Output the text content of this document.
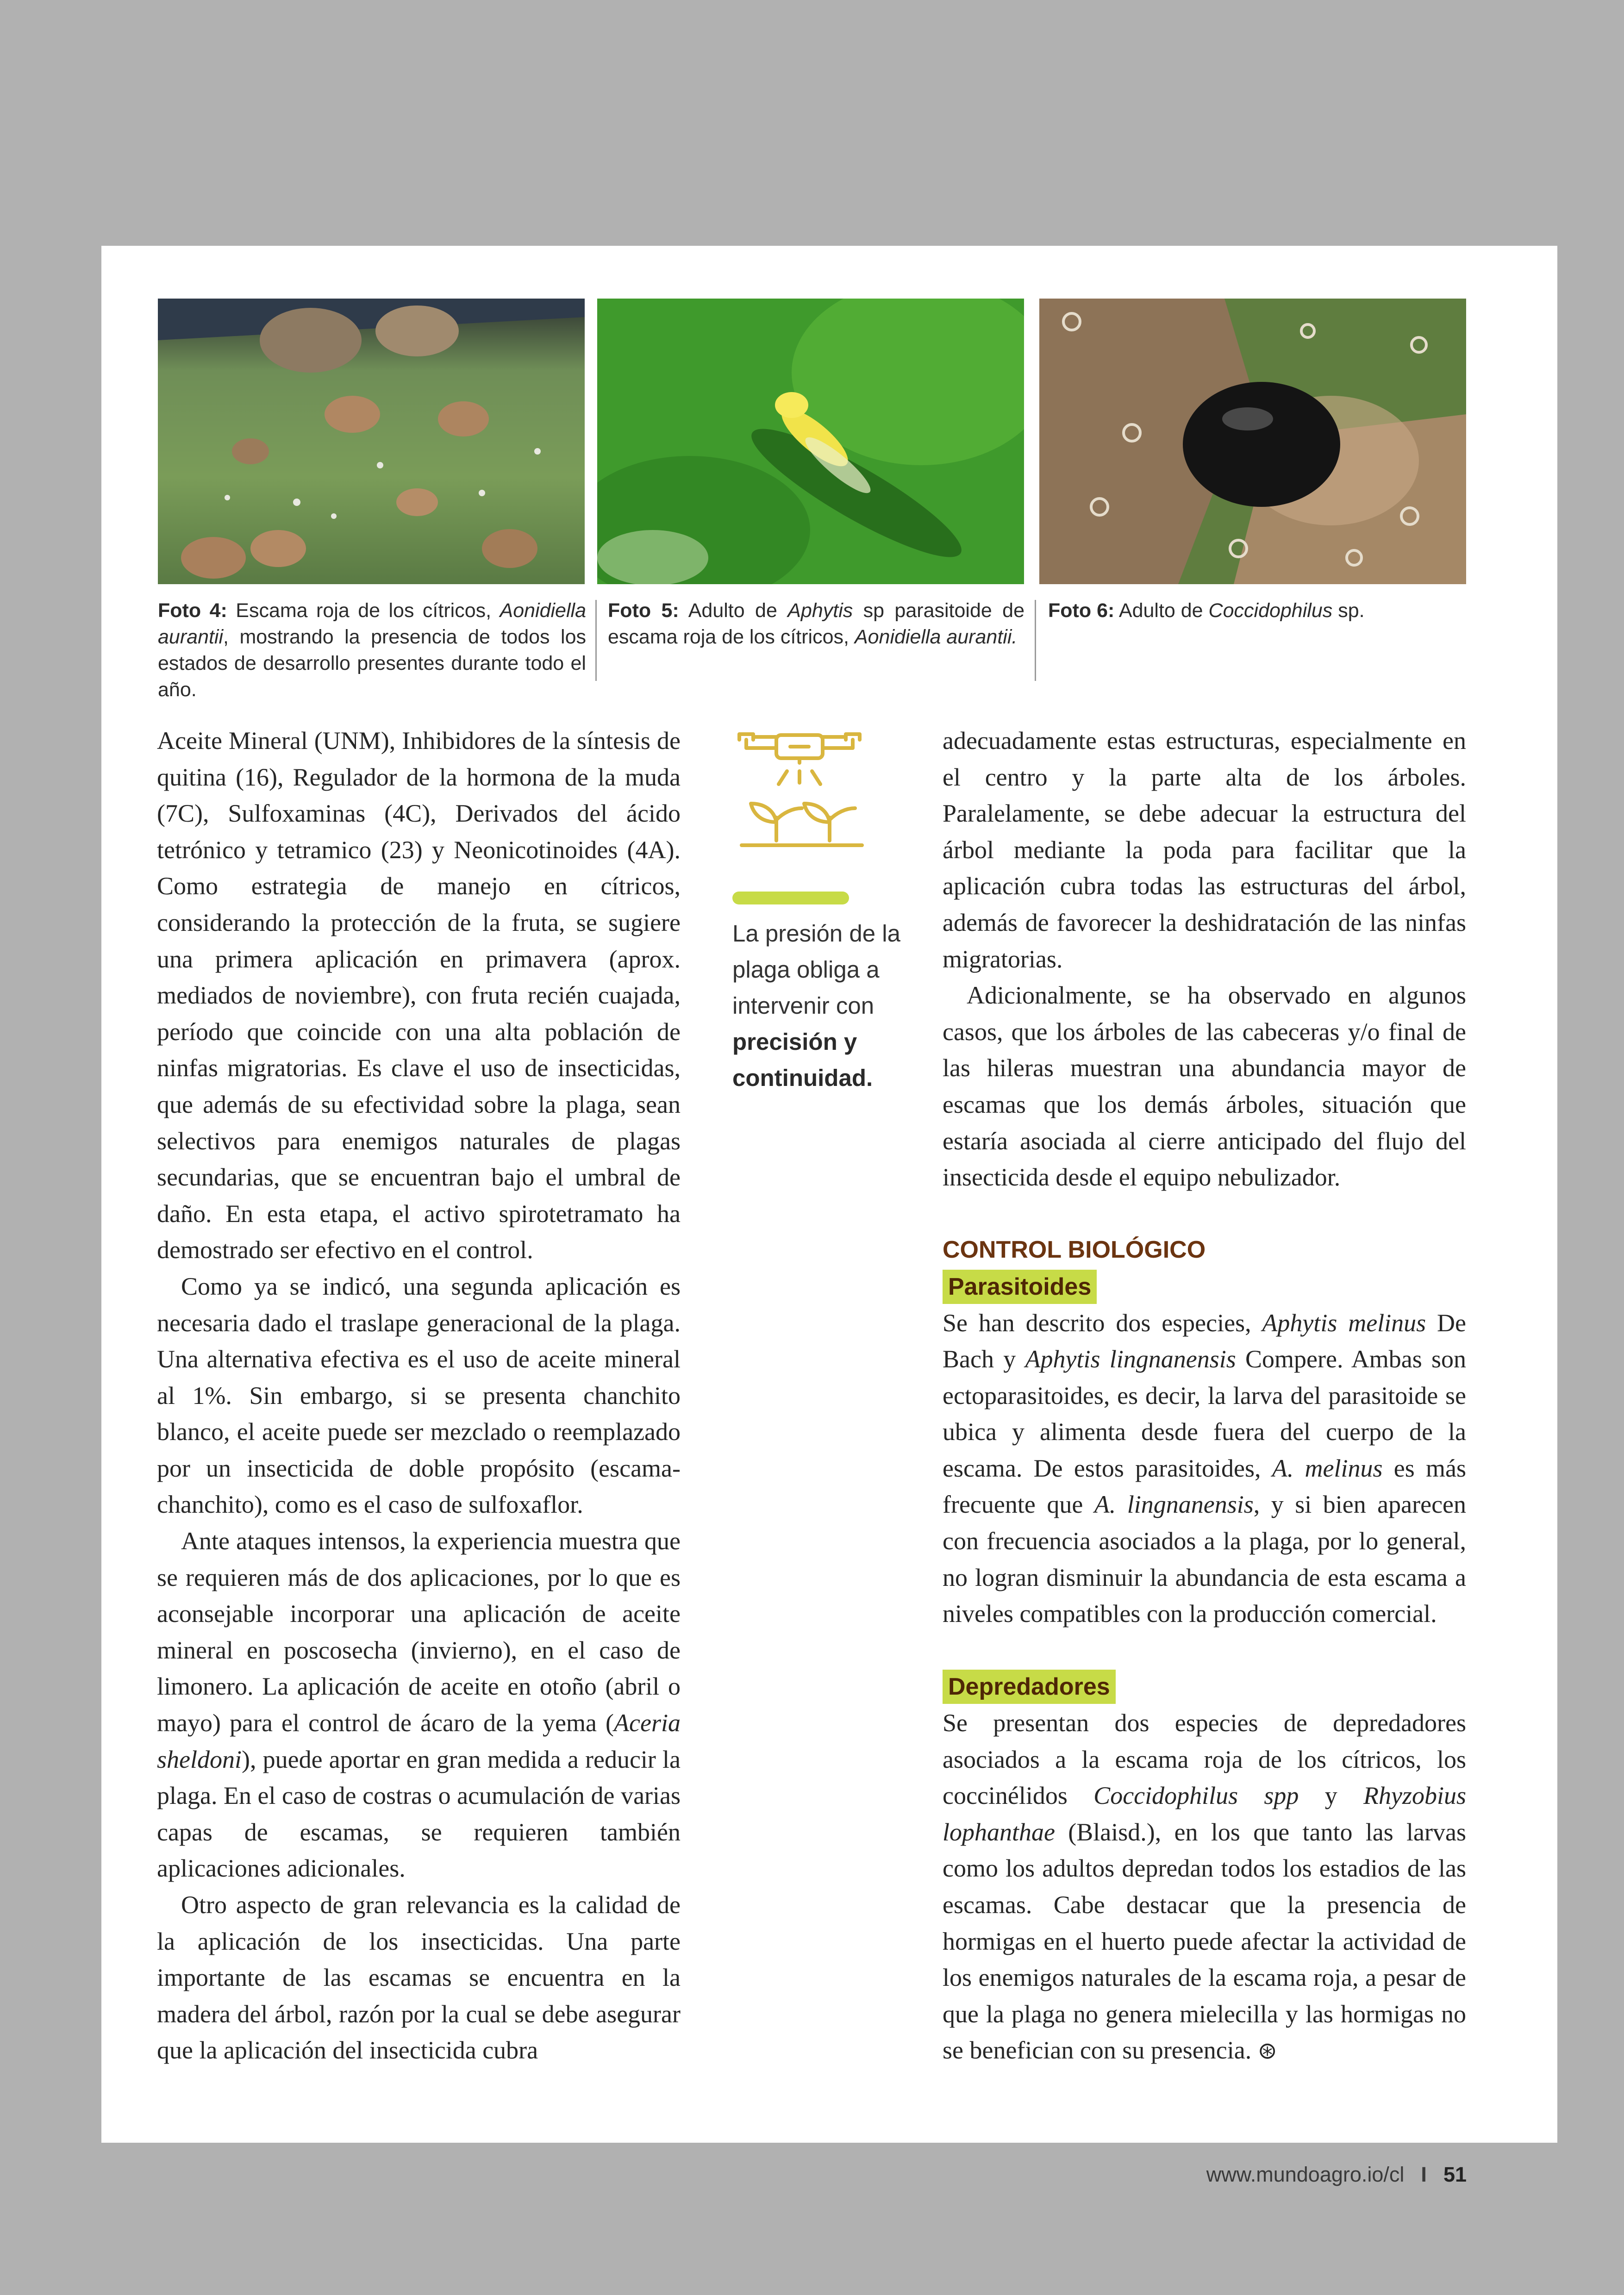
Foto 4: Escama roja de los cítricos, Aonidiella aurantii, mostrando la presencia de todos los estados de desarrollo presentes durante todo el año.
Foto 5: Adulto de Aphytis sp parasitoide de escama roja de los cítricos, Aonidiella aurantii.
Foto 6: Adulto de Coccidophilus sp.

Aceite Mineral (UNM), Inhibidores de la síntesis de quitina (16), Regulador de la hormona de la muda (7C), Sulfoxaminas (4C), Derivados del ácido tetrónico y tetramico (23) y Neonicotinoides (4A). Como estrategia de manejo en cítricos, considerando la protección de la fruta, se sugiere una primera aplicación en primavera (aprox. mediados de noviembre), con fruta recién cuajada, período que coincide con una alta población de ninfas migratorias. Es clave el uso de insecticidas, que además de su efectividad sobre la plaga, sean selectivos para enemigos naturales de plagas secundarias, que se encuentran bajo el umbral de daño. En esta etapa, el activo spirotetramato ha demostrado ser efectivo en el control.

Como ya se indicó, una segunda aplicación es necesaria dado el traslape generacional de la plaga. Una alternativa efectiva es el uso de aceite mineral al 1%. Sin embargo, si se presenta chanchito blanco, el aceite puede ser mezclado o reemplazado por un insecticida de doble propósito (escama-chanchito), como es el caso de sulfoxaflor.

Ante ataques intensos, la experiencia muestra que se requieren más de dos aplicaciones, por lo que es aconsejable incorporar una aplicación de aceite mineral en poscosecha (invierno), en el caso de limonero. La aplicación de aceite en otoño (abril o mayo) para el control de ácaro de la yema (Aceria sheldoni), puede aportar en gran medida a reducir la plaga. En el caso de costras o acumulación de varias capas de escamas, se requieren también aplicaciones adicionales.

Otro aspecto de gran relevancia es la calidad de la aplicación de los insecticidas. Una parte importante de las escamas se encuentra en la madera del árbol, razón por la cual se debe asegurar que la aplicación del insecticida cubra

La presión de la plaga obliga a intervenir con precisión y continuidad.

adecuadamente estas estructuras, especialmente en el centro y la parte alta de los árboles. Paralelamente, se debe adecuar la estructura del árbol mediante la poda para facilitar que la aplicación cubra todas las estructuras del árbol, además de favorecer la deshidratación de las ninfas migratorias.

Adicionalmente, se ha observado en algunos casos, que los árboles de las cabeceras y/o final de las hileras muestran una abundancia mayor de escamas que los demás árboles, situación que estaría asociada al cierre anticipado del flujo del insecticida desde el equipo nebulizador.

CONTROL BIOLÓGICO
Parasitoides

Se han descrito dos especies, Aphytis melinus De Bach y Aphytis lingnanensis Compere. Ambas son ectoparasitoides, es decir, la larva del parasitoide se ubica y alimenta desde fuera del cuerpo de la escama. De estos parasitoides, A. melinus es más frecuente que A. lingnanensis, y si bien aparecen con frecuencia asociados a la plaga, por lo general, no logran disminuir la abundancia de esta escama a niveles compatibles con la producción comercial.

Depredadores

Se presentan dos especies de depredadores asociados a la escama roja de los cítricos, los coccinélidos Coccidophilus spp y Rhyzobius lophanthae (Blaisd.), en los que tanto las larvas como los adultos depredan todos los estadios de las escamas. Cabe destacar que la presencia de hormigas en el huerto puede afectar la actividad de los enemigos naturales de la escama roja, a pesar de que la plaga no genera mielecilla y las hormigas no se benefician con su presencia. ⊛

www.mundoagro.io/cl I 51
